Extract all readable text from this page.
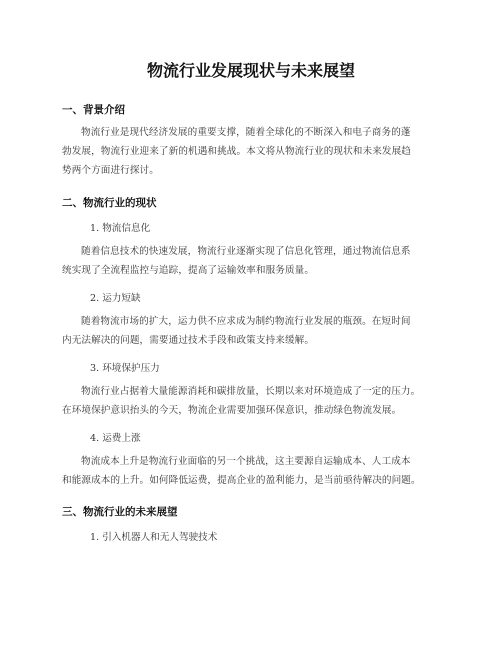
物流行业发展现状与未来展望
一、背景介绍

物流行业是现代经济发展的重要支撑，随着全球化的不断深入和电子商务的蓬
勃发展，物流行业迎来了新的机遇和挑战。本文将从物流行业的现状和未来发展趋
势两个方面进行探讨。

二、物流行业的现状

1. 物流信息化

随着信息技术的快速发展，物流行业逐渐实现了信息化管理，通过物流信息系
统实现了全流程监控与追踪，提高了运输效率和服务质量。

2. 运力短缺

随着物流市场的扩大，运力供不应求成为制约物流行业发展的瓶颈。在短时间
内无法解决的问题，需要通过技术手段和政策支持来缓解。

3. 环境保护压力

物流行业占据着大量能源消耗和碳排放量，长期以来对环境造成了一定的压力。
在环境保护意识抬头的今天，物流企业需要加强环保意识，推动绿色物流发展。

4. 运费上涨

物流成本上升是物流行业面临的另一个挑战，这主要源自运输成本、人工成本
和能源成本的上升。如何降低运费，提高企业的盈利能力，是当前亟待解决的问题。

三、物流行业的未来展望

1. 引入机器人和无人驾驶技术
